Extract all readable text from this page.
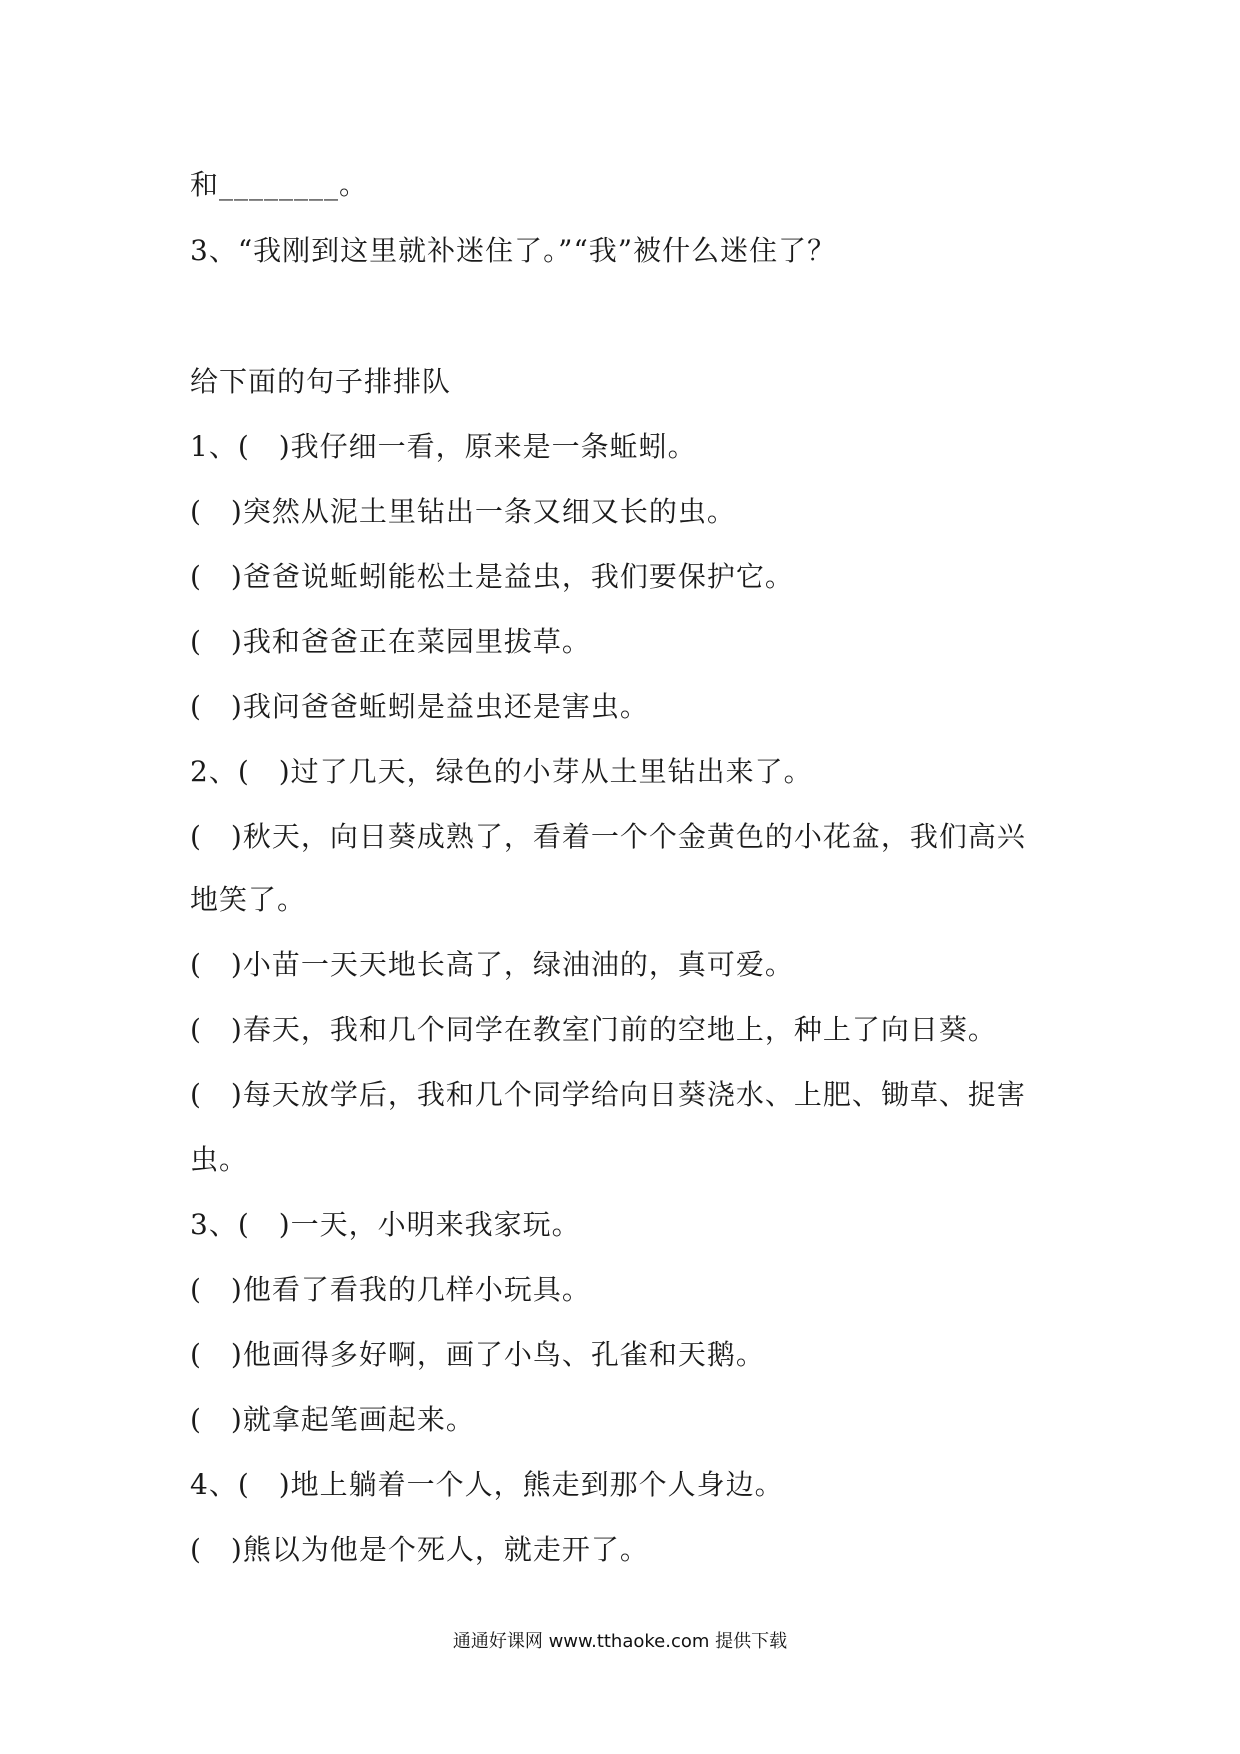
和________。
3、“我刚到这里就补迷住了。”“我”被什么迷住了？
给下面的句子排排队
1、(　)我仔细一看，原来是一条蚯蚓。
(　)突然从泥土里钻出一条又细又长的虫。
(　)爸爸说蚯蚓能松土是益虫，我们要保护它。
(　)我和爸爸正在菜园里拔草。
(　)我问爸爸蚯蚓是益虫还是害虫。
2、(　)过了几天，绿色的小芽从土里钻出来了。
(　)秋天，向日葵成熟了，看着一个个金黄色的小花盆，我们高兴
地笑了。
(　)小苗一天天地长高了，绿油油的，真可爱。
(　)春天，我和几个同学在教室门前的空地上，种上了向日葵。
(　)每天放学后，我和几个同学给向日葵浇水、上肥、锄草、捉害
虫。
3、(　)一天，小明来我家玩。
(　)他看了看我的几样小玩具。
(　)他画得多好啊，画了小鸟、孔雀和天鹅。
(　)就拿起笔画起来。
4、(　)地上躺着一个人，熊走到那个人身边。
(　)熊以为他是个死人，就走开了。
通通好课网 www.tthaoke.com 提供下载
